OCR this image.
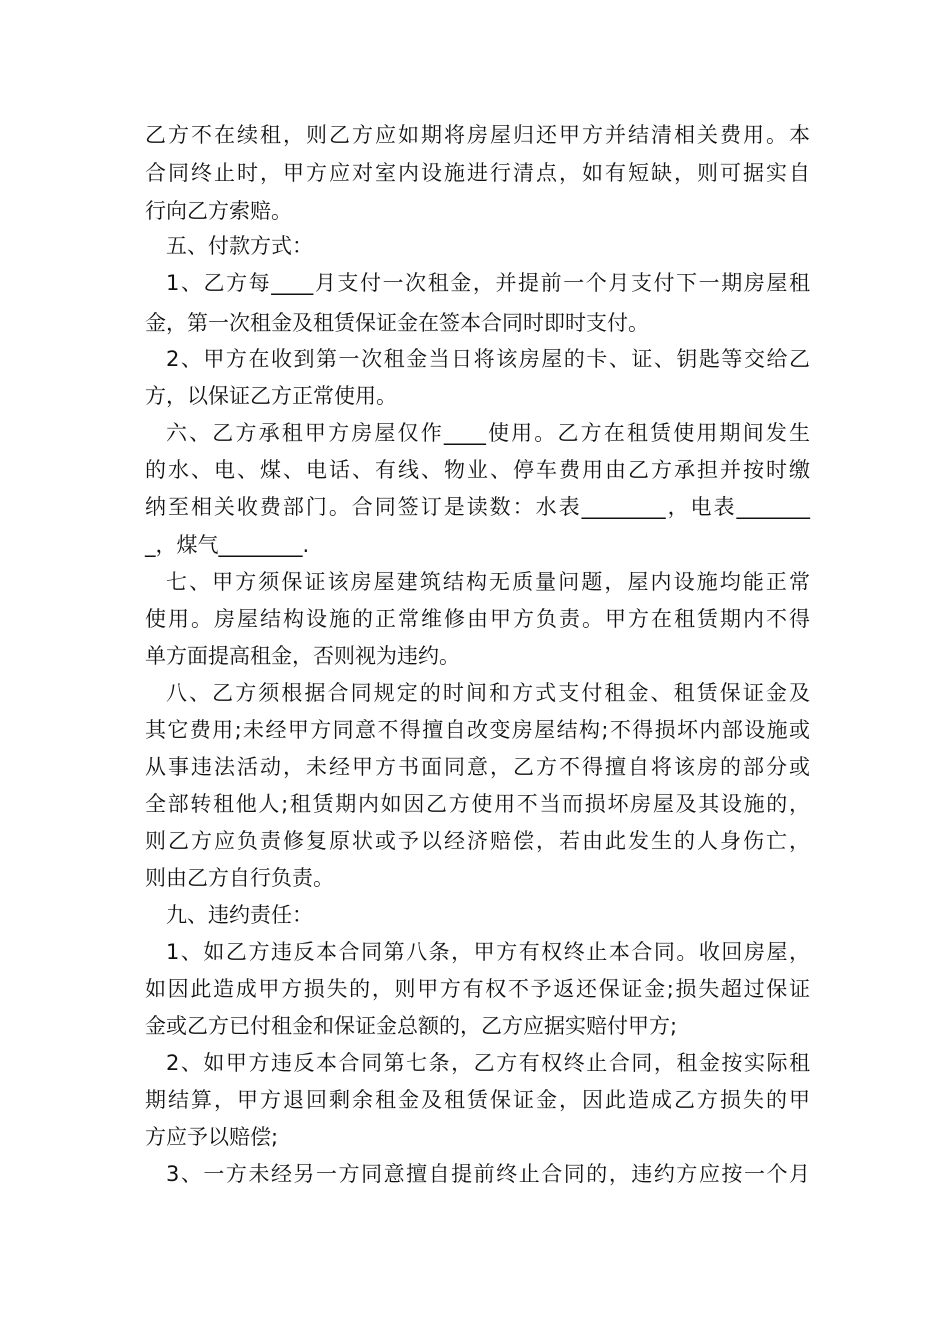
乙方不在续租，则乙方应如期将房屋归还甲方并结清相关费用。本
合同终止时，甲方应对室内设施进行清点，如有短缺，则可据实自
行向乙方索赔。
五、付款方式：
1、乙方每____月支付一次租金，并提前一个月支付下一期房屋租
金，第一次租金及租赁保证金在签本合同时即时支付。
2、甲方在收到第一次租金当日将该房屋的卡、证、钥匙等交给乙
方，以保证乙方正常使用。
六、乙方承租甲方房屋仅作____使用。乙方在租赁使用期间发生
的水、电、煤、电话、有线、物业、停车费用由乙方承担并按时缴
纳至相关收费部门。合同签订是读数：水表________，电表_______
_，煤气________.
七、甲方须保证该房屋建筑结构无质量问题，屋内设施均能正常
使用。房屋结构设施的正常维修由甲方负责。甲方在租赁期内不得
单方面提高租金，否则视为违约。
八、乙方须根据合同规定的时间和方式支付租金、租赁保证金及
其它费用;未经甲方同意不得擅自改变房屋结构;不得损坏内部设施或
从事违法活动，未经甲方书面同意，乙方不得擅自将该房的部分或
全部转租他人;租赁期内如因乙方使用不当而损坏房屋及其设施的，
则乙方应负责修复原状或予以经济赔偿，若由此发生的人身伤亡，
则由乙方自行负责。
九、违约责任：
1、如乙方违反本合同第八条，甲方有权终止本合同。收回房屋，
如因此造成甲方损失的，则甲方有权不予返还保证金;损失超过保证
金或乙方已付租金和保证金总额的，乙方应据实赔付甲方;
2、如甲方违反本合同第七条，乙方有权终止合同，租金按实际租
期结算，甲方退回剩余租金及租赁保证金，因此造成乙方损失的甲
方应予以赔偿;
3、一方未经另一方同意擅自提前终止合同的，违约方应按一个月
